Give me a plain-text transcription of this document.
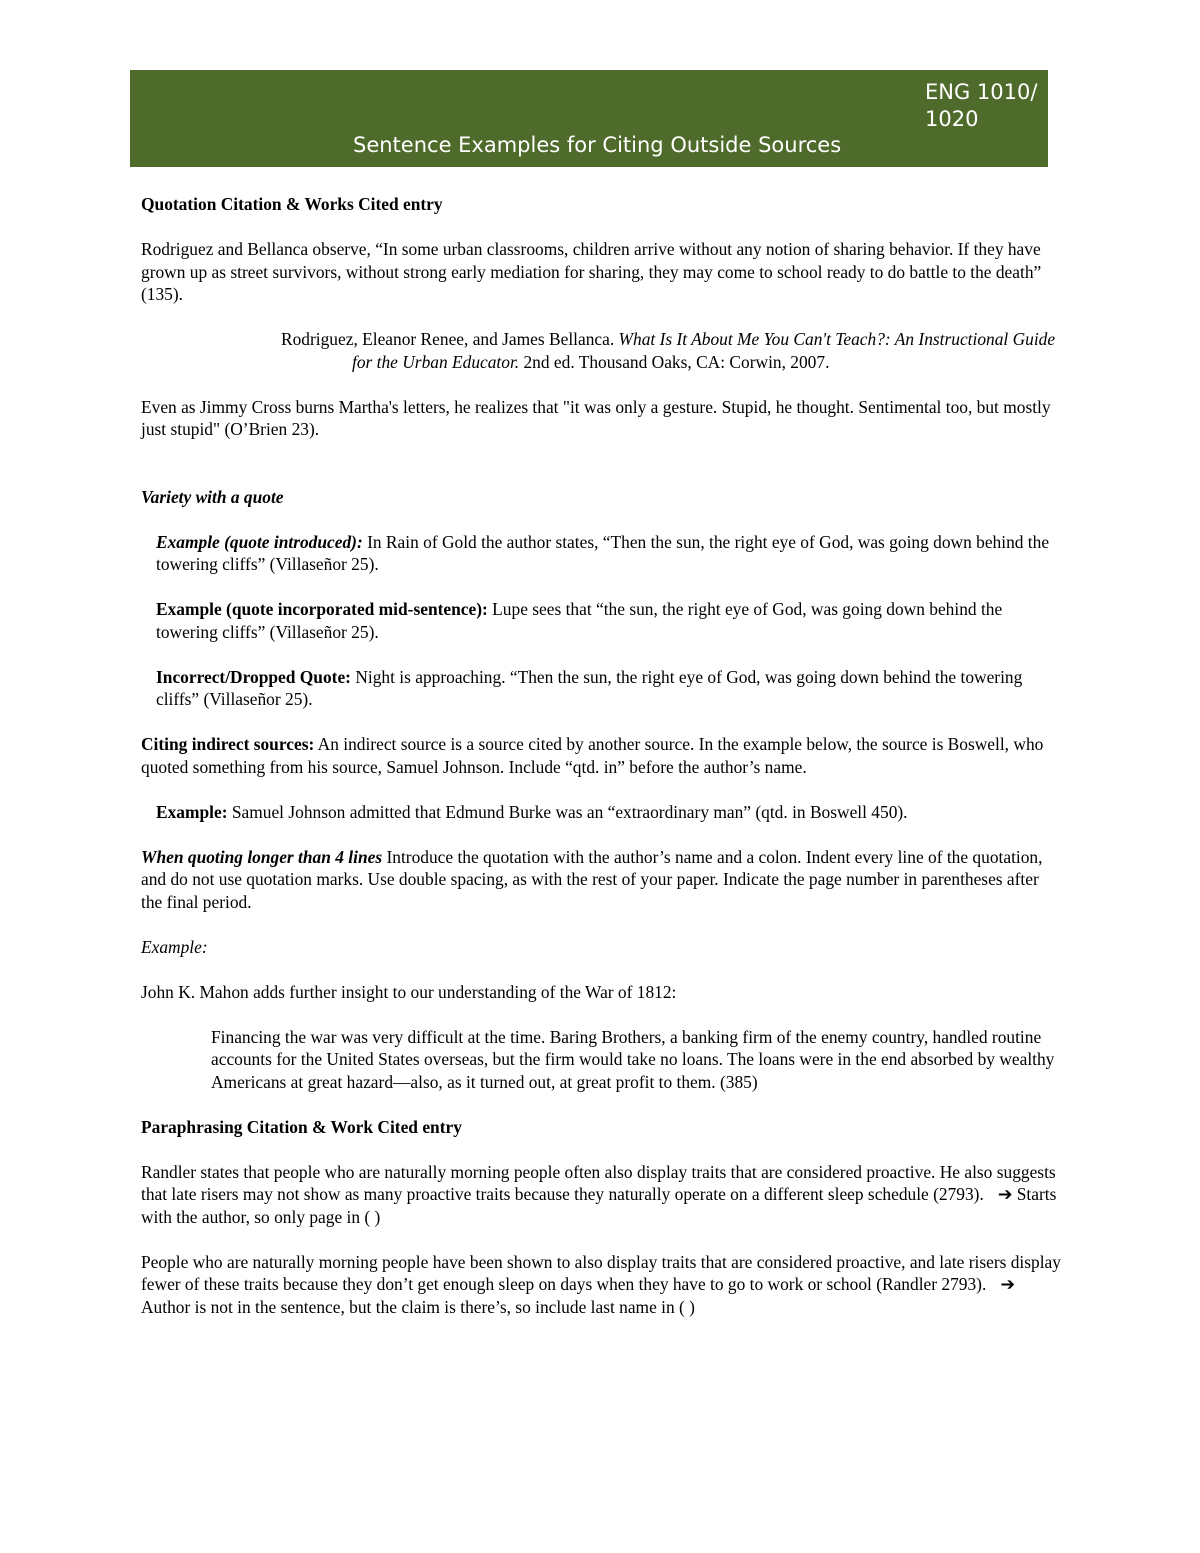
Sentence Examples for Citing Outside Sources
ENG 1010/1020

Quotation Citation & Works Cited entry

Rodriguez and Bellanca observe, “In some urban classrooms, children arrive without any notion of sharing behavior. If they have grown up as street survivors, without strong early mediation for sharing, they may come to school ready to do battle to the death” (135).

Rodriguez, Eleanor Renee, and James Bellanca. What Is It About Me You Can't Teach?: An Instructional Guide for the Urban Educator. 2nd ed. Thousand Oaks, CA: Corwin, 2007.

Even as Jimmy Cross burns Martha's letters, he realizes that "it was only a gesture. Stupid, he thought. Sentimental too, but mostly just stupid" (O’Brien 23).

Variety with a quote

Example (quote introduced): In Rain of Gold the author states, “Then the sun, the right eye of God, was going down behind the towering cliffs” (Villaseñor 25).

Example (quote incorporated mid-sentence): Lupe sees that “the sun, the right eye of God, was going down behind the towering cliffs” (Villaseñor 25).

Incorrect/Dropped Quote: Night is approaching. “Then the sun, the right eye of God, was going down behind the towering cliffs” (Villaseñor 25).

Citing indirect sources: An indirect source is a source cited by another source. In the example below, the source is Boswell, who quoted something from his source, Samuel Johnson. Include “qtd. in” before the author’s name.

Example: Samuel Johnson admitted that Edmund Burke was an “extraordinary man” (qtd. in Boswell 450).

When quoting longer than 4 lines Introduce the quotation with the author’s name and a colon. Indent every line of the quotation, and do not use quotation marks. Use double spacing, as with the rest of your paper. Indicate the page number in parentheses after the final period.

Example:

John K. Mahon adds further insight to our understanding of the War of 1812:

Financing the war was very difficult at the time. Baring Brothers, a banking firm of the enemy country, handled routine accounts for the United States overseas, but the firm would take no loans. The loans were in the end absorbed by wealthy Americans at great hazard—also, as it turned out, at great profit to them. (385)

Paraphrasing Citation & Work Cited entry

Randler states that people who are naturally morning people often also display traits that are considered proactive. He also suggests that late risers may not show as many proactive traits because they naturally operate on a different sleep schedule (2793). ➔ Starts with the author, so only page in ( )

People who are naturally morning people have been shown to also display traits that are considered proactive, and late risers display fewer of these traits because they don’t get enough sleep on days when they have to go to work or school (Randler 2793). ➔ Author is not in the sentence, but the claim is there’s, so include last name in ( )
